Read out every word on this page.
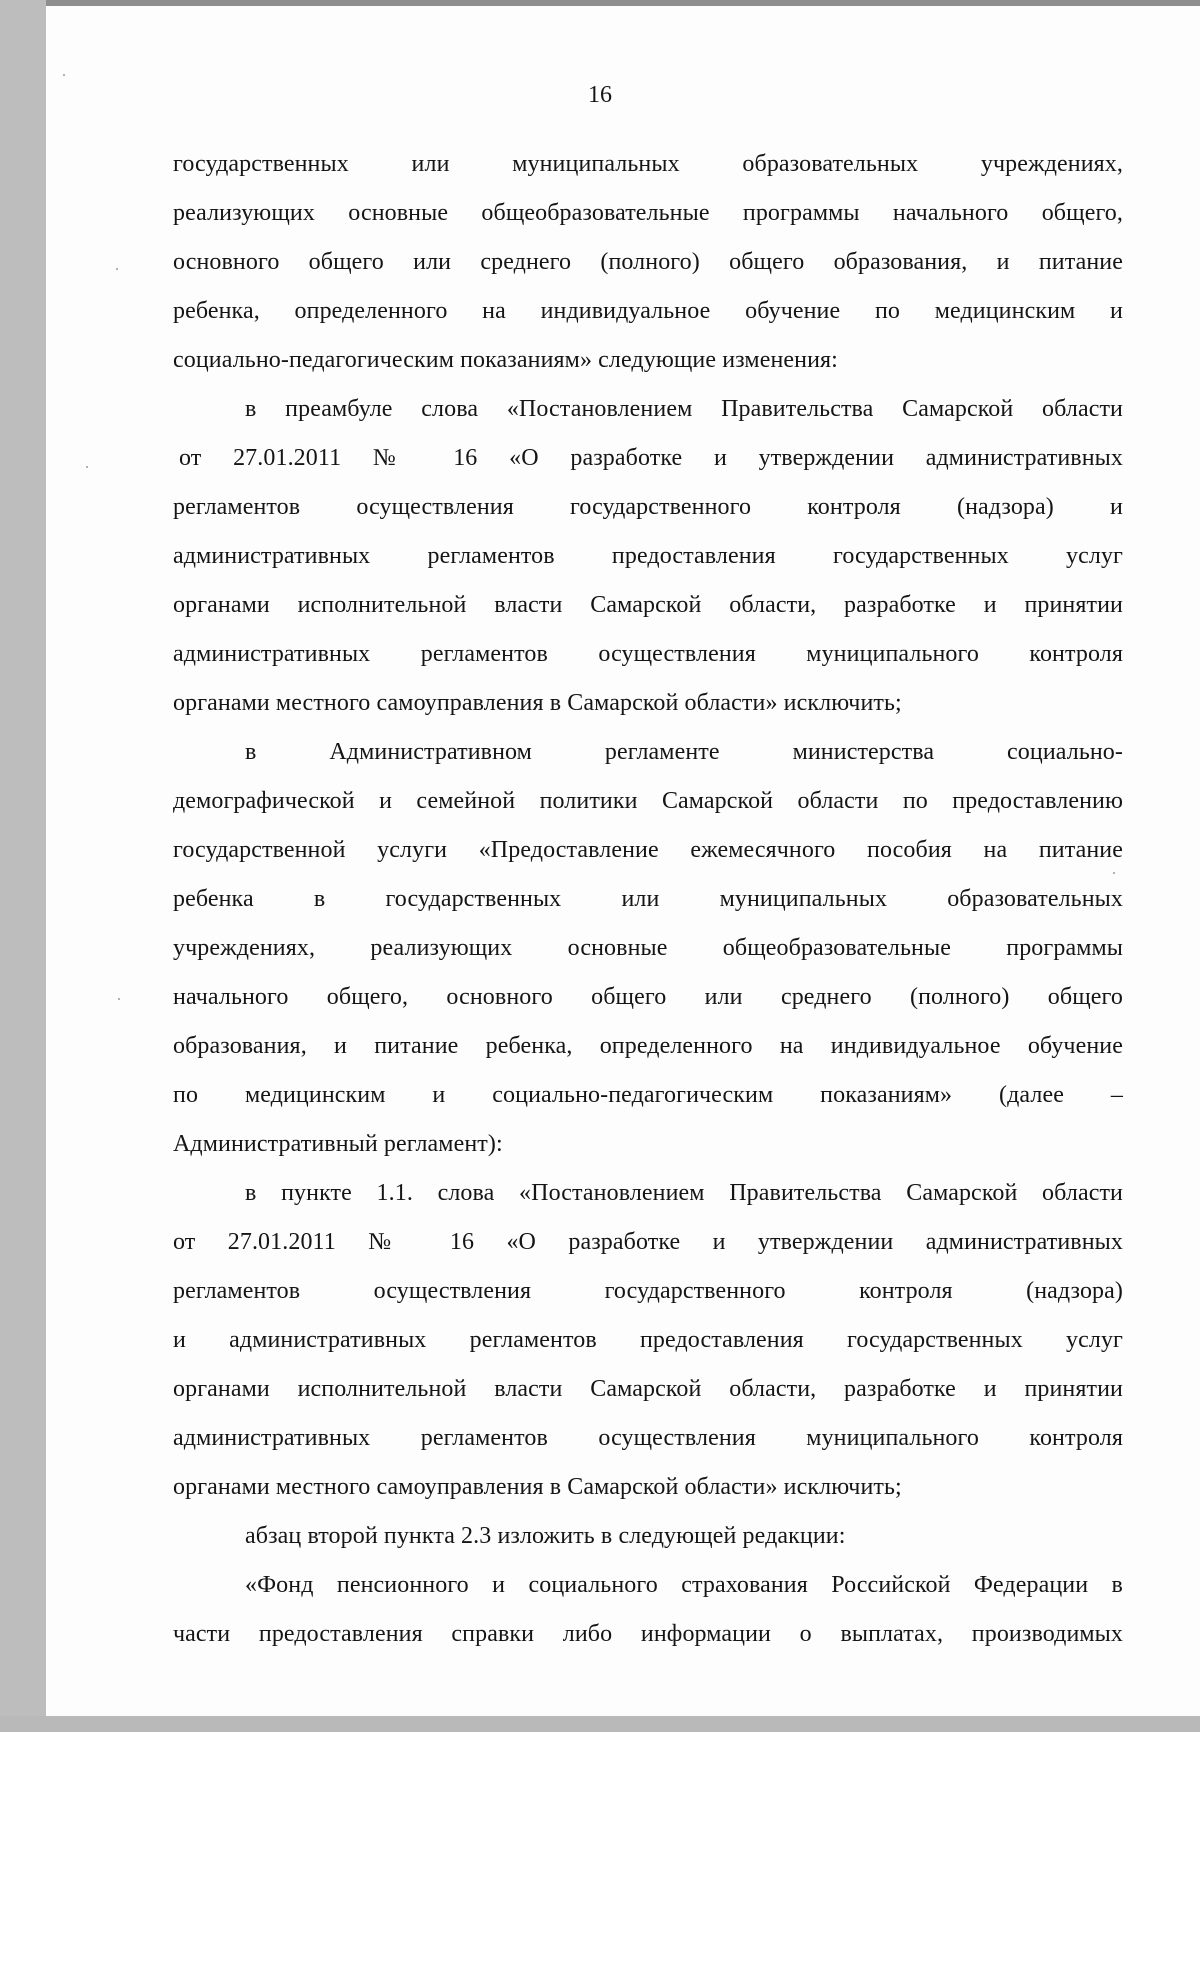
16
государственных или муниципальных образовательных учреждениях,
реализующих основные общеобразовательные программы начального общего,
основного общего или среднего (полного) общего образования, и питание
ребенка, определенного на индивидуальное обучение по медицинским и
социально-педагогическим показаниям» следующие изменения:
в преамбуле слова «Постановлением Правительства Самарской области
от 27.01.2011 № 16 «О разработке и утверждении административных
регламентов осуществления государственного контроля (надзора) и
административных регламентов предоставления государственных услуг
органами исполнительной власти Самарской области, разработке и принятии
административных регламентов осуществления муниципального контроля
органами местного самоуправления в Самарской области» исключить;
в Административном регламенте министерства социально-
демографической и семейной политики Самарской области по предоставлению
государственной услуги «Предоставление ежемесячного пособия на питание
ребенка в государственных или муниципальных образовательных
учреждениях, реализующих основные общеобразовательные программы
начального общего, основного общего или среднего (полного) общего
образования, и питание ребенка, определенного на индивидуальное обучение
по медицинским и социально-педагогическим показаниям» (далее –
Административный регламент):
в пункте 1.1. слова «Постановлением Правительства Самарской области
от 27.01.2011 № 16 «О разработке и утверждении административных
регламентов осуществления государственного контроля (надзора)
и административных регламентов предоставления государственных услуг
органами исполнительной власти Самарской области, разработке и принятии
административных регламентов осуществления муниципального контроля
органами местного самоуправления в Самарской области» исключить;
абзац второй пункта 2.3 изложить в следующей редакции:
«Фонд пенсионного и социального страхования Российской Федерации в
части предоставления справки либо информации о выплатах, производимых
